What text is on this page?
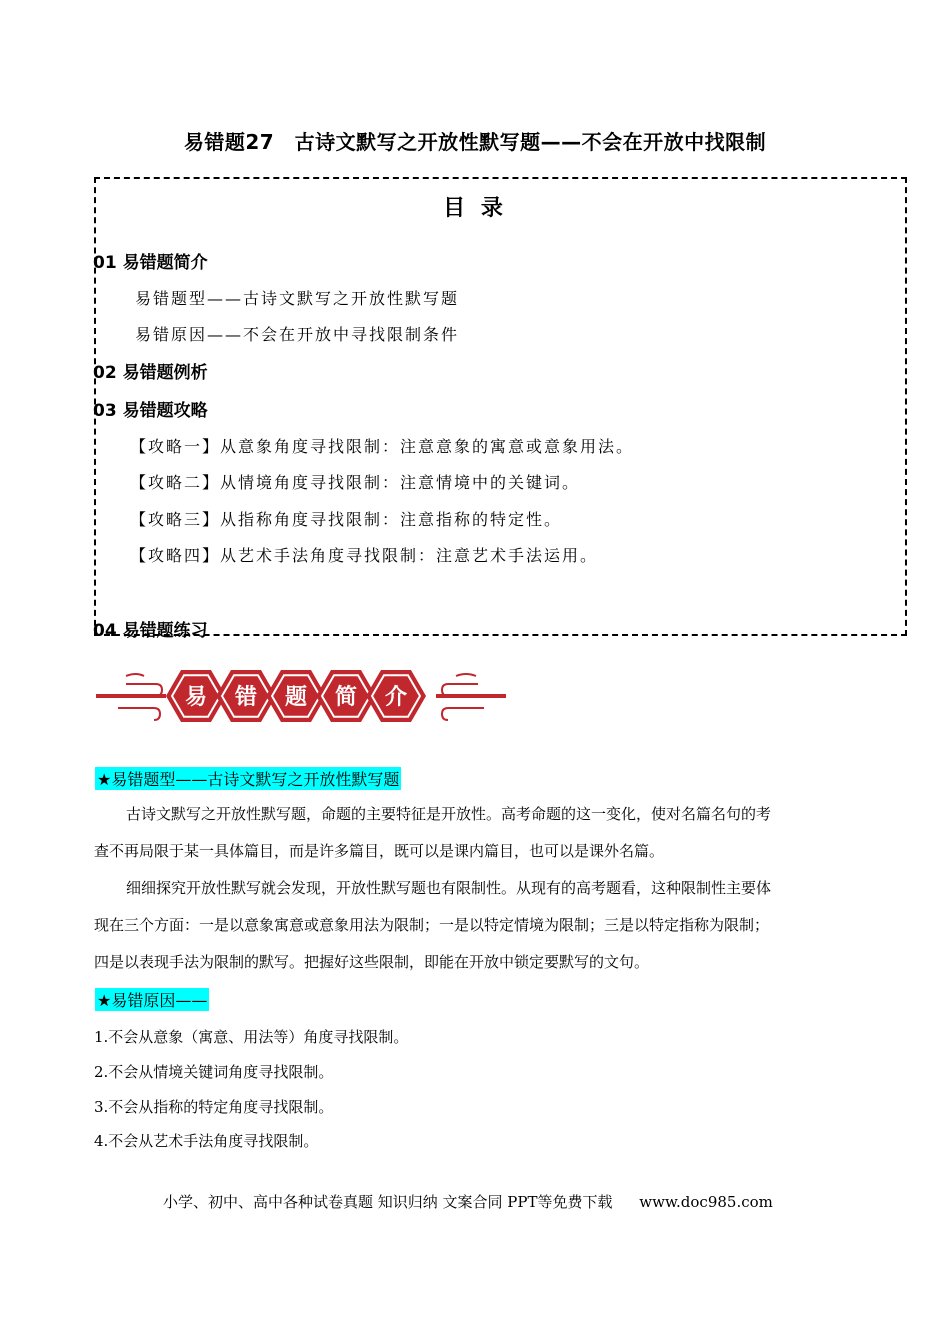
易错题27　古诗文默写之开放性默写题——不会在开放中找限制
目 录
01 易错题简介
易错题型——古诗文默写之开放性默写题
易错原因——不会在开放中寻找限制条件
02 易错题例析
03 易错题攻略
【攻略一】从意象角度寻找限制：注意意象的寓意或意象用法。
【攻略二】从情境角度寻找限制：注意情境中的关键词。
【攻略三】从指称角度寻找限制：注意指称的特定性。
【攻略四】从艺术手法角度寻找限制：注意艺术手法运用。
04 易错题练习
易 错 题 简 介
★易错题型——古诗文默写之开放性默写题
古诗文默写之开放性默写题，命题的主要特征是开放性。高考命题的这一变化，使对名篇名句的考
查不再局限于某一具体篇目，而是许多篇目，既可以是课内篇目，也可以是课外名篇。
细细探究开放性默写就会发现，开放性默写题也有限制性。从现有的高考题看，这种限制性主要体
现在三个方面：一是以意象寓意或意象用法为限制；一是以特定情境为限制；三是以特定指称为限制；
四是以表现手法为限制的默写。把握好这些限制，即能在开放中锁定要默写的文句。
★易错原因——
1.不会从意象（寓意、用法等）角度寻找限制。
2.不会从情境关键词角度寻找限制。
3.不会从指称的特定角度寻找限制。
4.不会从艺术手法角度寻找限制。
小学、初中、高中各种试卷真题 知识归纳 文案合同 PPT等免费下载 www.doc985.com
